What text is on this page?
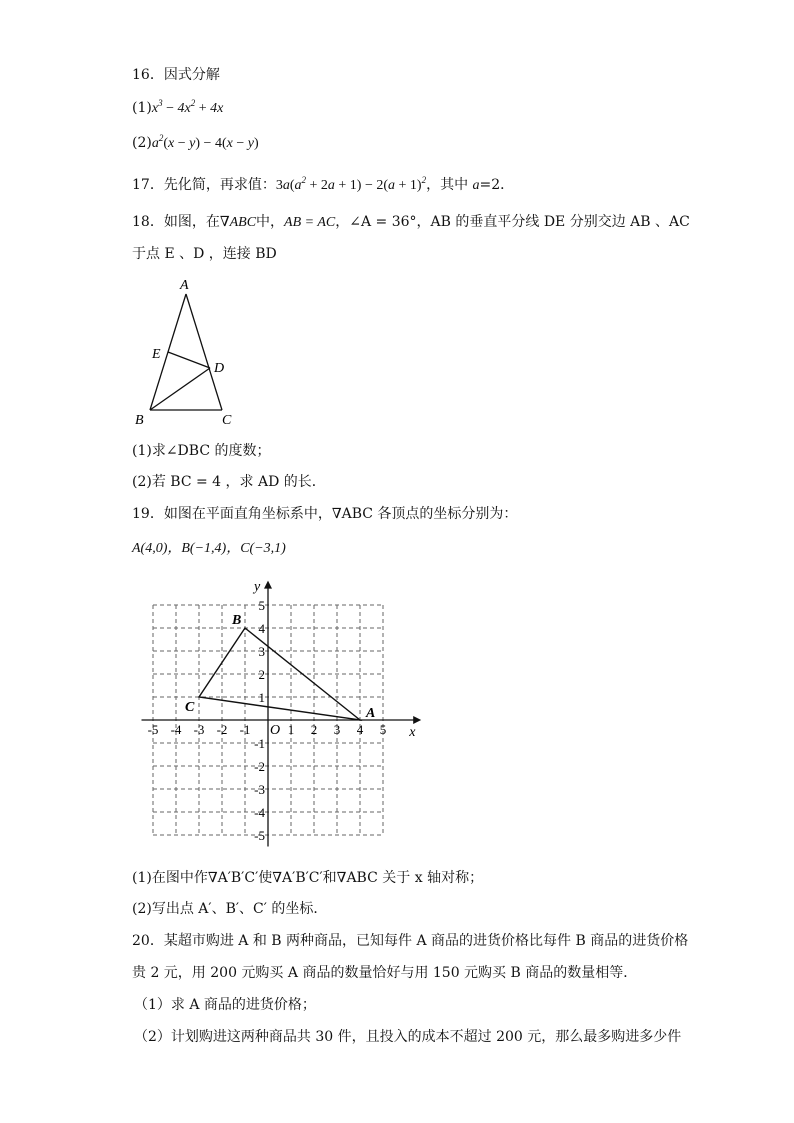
16．因式分解
$(1)x^3 - 4x^2 + 4x$
$(2)a^2(x - y) - 4(x - y)$
17．先化简，再求值：$3a(a^2 + 2a + 1) - 2(a + 1)^2$，其中 a=2．
18．如图，在∇ABC中，AB = AC，∠A = 36°，AB 的垂直平分线 DE 分别交边 AB 、AC
于点 E 、D ，连接 BD
A
B	C
D
E
(1)求∠DBC 的度数；
(2)若 BC = 4 ，求 AD 的长．
19．如图在平面直角坐标系中，∇ABC 各顶点的坐标分别为：
A(4,0)，B(−1,4)，C(−3,1)
-5 -4 -3 -2 -1	1 2 3 4 5
5
4
3
2
1
-1
-2
-3
-4
-5
A
B
C
x
y
O
(1)在图中作∇A′B′C′使∇A′B′C′和∇ABC 关于 x 轴对称；
(2)写出点 A′、B′、C′ 的坐标．
20．某超市购进 A 和 B 两种商品，已知每件 A 商品的进货价格比每件 B 商品的进货价格
贵 2 元，用 200 元购买 A 商品的数量恰好与用 150 元购买 B 商品的数量相等．
（1）求 A 商品的进货价格；
（2）计划购进这两种商品共 30 件，且投入的成本不超过 200 元，那么最多购进多少件
